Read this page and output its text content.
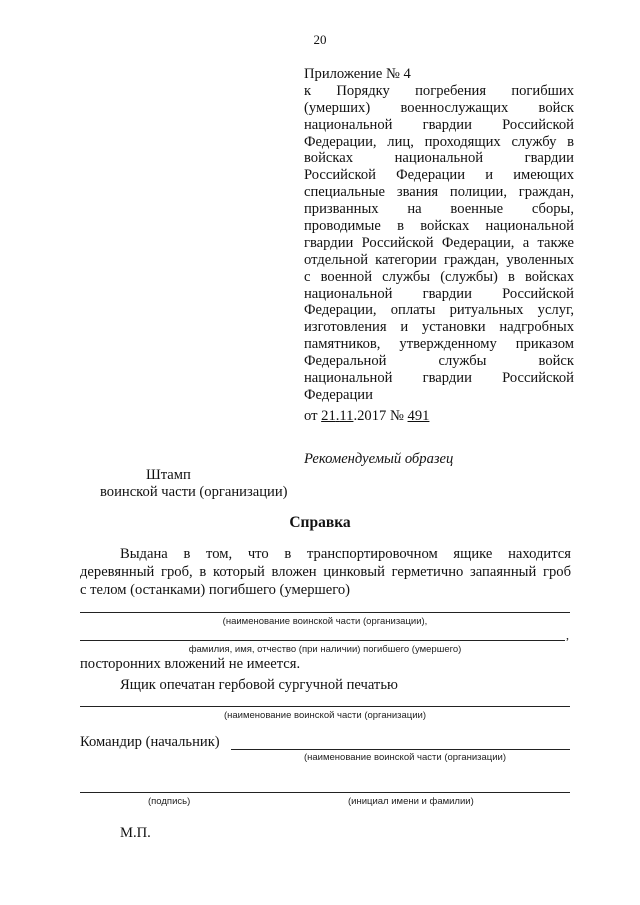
20
Приложение № 4
к Порядку погребения погибших
(умерших) военнослужащих войск
национальной гвардии Российской
Федерации, лиц, проходящих службу в
войсках национальной гвардии
Российской Федерации и имеющих
специальные звания полиции, граждан,
призванных на военные сборы,
проводимые в войсках национальной
гвардии Российской Федерации, а также
отдельной категории граждан, уволенных
с военной службы (службы) в войсках
национальной гвардии Российской
Федерации, оплаты ритуальных услуг,
изготовления и установки надгробных
памятников, утвержденному приказом
Федеральной службы войск
национальной гвардии Российской
Федерации
от 21.11.2017 № 491
Рекомендуемый образец
Штамп
воинской части (организации)
Справка
Выдана в том, что в транспортировочном ящике находится
деревянный гроб, в который вложен цинковый герметично запаянный гроб
с телом (останками) погибшего (умершего)
(наименование воинской части (организации),
,
фамилия, имя, отчество (при наличии) погибшего (умершего)
посторонних вложений не имеется.
Ящик опечатан гербовой сургучной печатью
(наименование воинской части (организации)
Командир (начальник)
(наименование воинской части (организации)
(подпись)	(инициал имени и фамилии)
М.П.
